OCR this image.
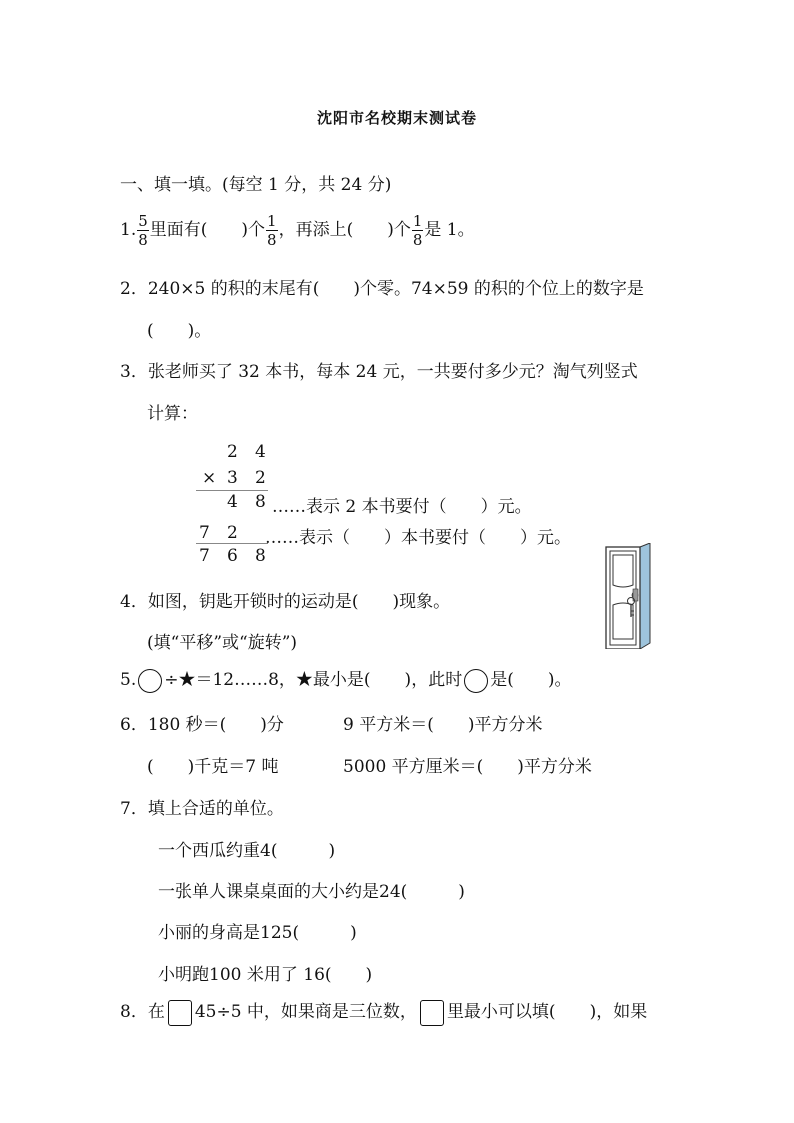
沈阳市名校期末测试卷
一、填一填。(每空 1 分，共 24 分)
1. $\frac{5}{8}$ 里面有(　　)个 $\frac{1}{8}$ ，再添上(　　)个 $\frac{1}{8}$ 是 1。
2．240×5 的积的末尾有(　　)个零。74×59 的积的个位上的数字是
(　　)。
3．张老师买了 32 本书，每本 24 元，一共要付多少元？淘气列竖式
计算：
2 4
× 3 2
4 8 ……表示 2 本书要付（　　）元。
7 2 ……表示（　　）本书要付（　　）元。
7 6 8
4．如图，钥匙开锁时的运动是(　　)现象。
(填“平移”或“旋转”)
5. ÷★＝12……8，★最小是(　　)，此时 是(　　)。
6．180 秒＝(　　)分	9 平方米＝(　　)平方分米
(　　)千克＝7 吨	5000 平方厘米＝(　　)平方分米
7．填上合适的单位。
一个西瓜约重4(　　　)
一张单人课桌桌面的大小约是24(　　　)
小丽的身高是125(　　　)
小明跑100 米用了 16(　　)
8．在 45÷5 中，如果商是三位数， 里最小可以填(　　)，如果
